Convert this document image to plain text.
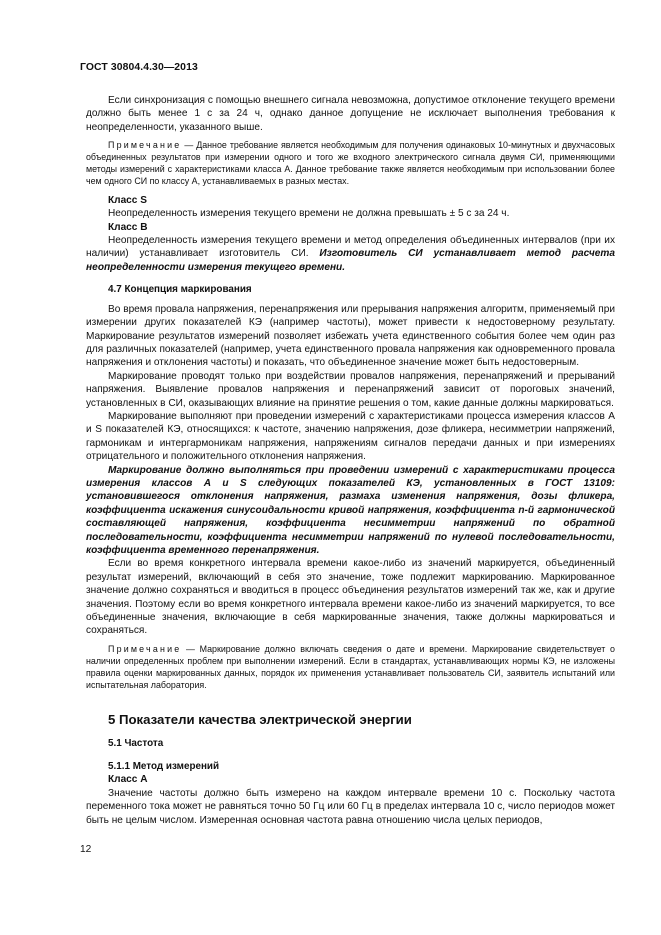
ГОСТ 30804.4.30—2013

Если синхронизация с помощью внешнего сигнала невозможна, допустимое отклонение текущего времени должно быть менее 1 с за 24 ч, однако данное допущение не исключает выполнения требования к неопределенности, указанного выше.

Примечание — Данное требование является необходимым для получения одинаковых 10-минутных и двухчасовых объединенных результатов при измерении одного и того же входного электрического сигнала двумя СИ, применяющими методы измерений с характеристиками класса А. Данное требование также является необходимым при использовании более чем одного СИ по классу А, устанавливаемых в разных местах.

Класс S

Неопределенность измерения текущего времени не должна превышать ± 5 с за 24 ч.

Класс В

Неопределенность измерения текущего времени и метод определения объединенных интервалов (при их наличии) устанавливает изготовитель СИ. Изготовитель СИ устанавливает метод расчета неопределенности измерения текущего времени.

4.7 Концепция маркирования

Во время провала напряжения, перенапряжения или прерывания напряжения алгоритм, применяемый при измерении других показателей КЭ (например частоты), может привести к недостоверному результату. Маркирование результатов измерений позволяет избежать учета единственного события более чем один раз для различных показателей (например, учета единственного провала напряжения как одновременного провала напряжения и отклонения частоты) и показать, что объединенное значение может быть недостоверным.

Маркирование проводят только при воздействии провалов напряжения, перенапряжений и прерываний напряжения. Выявление провалов напряжения и перенапряжений зависит от пороговых значений, установленных в СИ, оказывающих влияние на принятие решения о том, какие данные должны маркироваться.

Маркирование выполняют при проведении измерений с характеристиками процесса измерения классов А и S показателей КЭ, относящихся: к частоте, значению напряжения, дозе фликера, несимметрии напряжений, гармоникам и интергармоникам напряжения, напряжениям сигналов передачи данных и при измерениях отрицательного и положительного отклонения напряжения.

Маркирование должно выполняться при проведении измерений с характеристиками процесса измерения классов А и S следующих показателей КЭ, установленных в ГОСТ 13109: установившегося отклонения напряжения, размаха изменения напряжения, дозы фликера, коэффициента искажения синусоидальности кривой напряжения, коэффициента n-й гармонической составляющей напряжения, коэффициента несимметрии напряжений по обратной последовательности, коэффициента несимметрии напряжений по нулевой последовательности, коэффициента временного перенапряжения.

Если во время конкретного интервала времени какое-либо из значений маркируется, объединенный результат измерений, включающий в себя это значение, тоже подлежит маркированию. Маркированное значение должно сохраняться и вводиться в процесс объединения результатов измерений так же, как и другие значения. Поэтому если во время конкретного интервала времени какое-либо из значений маркируется, то все объединенные значения, включающие в себя маркированные значения, также должны маркироваться и сохраняться.

Примечание — Маркирование должно включать сведения о дате и времени. Маркирование свидетельствует о наличии определенных проблем при выполнении измерений. Если в стандартах, устанавливающих нормы КЭ, не изложены правила оценки маркированных данных, порядок их применения устанавливает пользователь СИ, заявитель испытаний или испытательная лаборатория.

5 Показатели качества электрической энергии

5.1 Частота

5.1.1 Метод измерений

Класс А

Значение частоты должно быть измерено на каждом интервале времени 10 с. Поскольку частота переменного тока может не равняться точно 50 Гц или 60 Гц в пределах интервала 10 с, число периодов может быть не целым числом. Измеренная основная частота равна отношению числа целых периодов,

12
